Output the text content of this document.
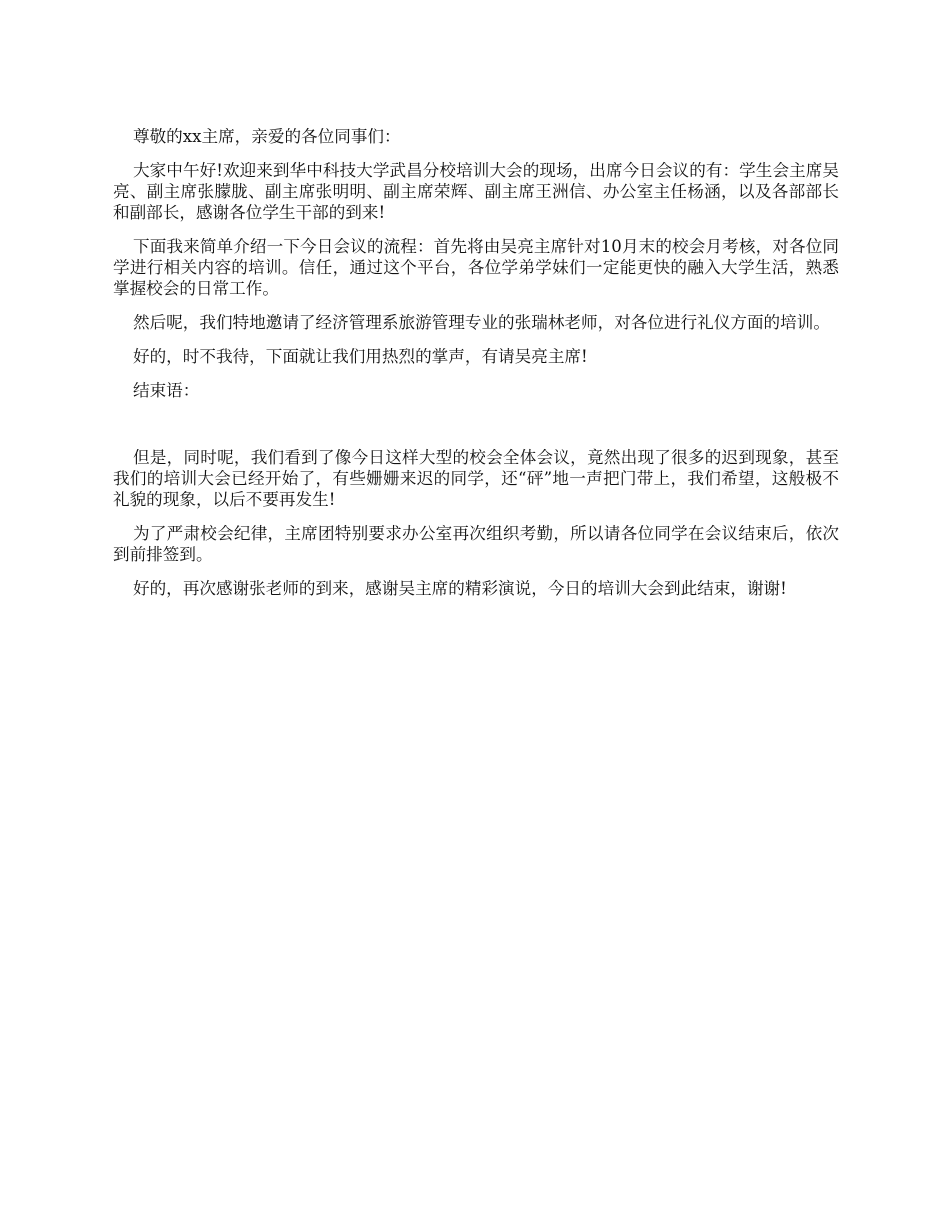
尊敬的xx主席，亲爱的各位同事们：

大家中午好!欢迎来到华中科技大学武昌分校培训大会的现场，出席今日会议的有：学生会主席吴亮、副主席张朦胧、副主席张明明、副主席荣辉、副主席王洲信、办公室主任杨涵，以及各部部长和副部长，感谢各位学生干部的到来!

下面我来简单介绍一下今日会议的流程：首先将由吴亮主席针对10月末的校会月考核，对各位同学进行相关内容的培训。信任，通过这个平台，各位学弟学妹们一定能更快的融入大学生活，熟悉掌握校会的日常工作。

然后呢，我们特地邀请了经济管理系旅游管理专业的张瑞林老师，对各位进行礼仪方面的培训。

好的，时不我待，下面就让我们用热烈的掌声，有请吴亮主席!

结束语：

但是，同时呢，我们看到了像今日这样大型的校会全体会议，竟然出现了很多的迟到现象，甚至我们的培训大会已经开始了，有些姗姗来迟的同学，还“砰”地一声把门带上，我们希望，这般极不礼貌的现象，以后不要再发生!

为了严肃校会纪律，主席团特别要求办公室再次组织考勤，所以请各位同学在会议结束后，依次到前排签到。

好的，再次感谢张老师的到来，感谢吴主席的精彩演说，今日的培训大会到此结束，谢谢!
